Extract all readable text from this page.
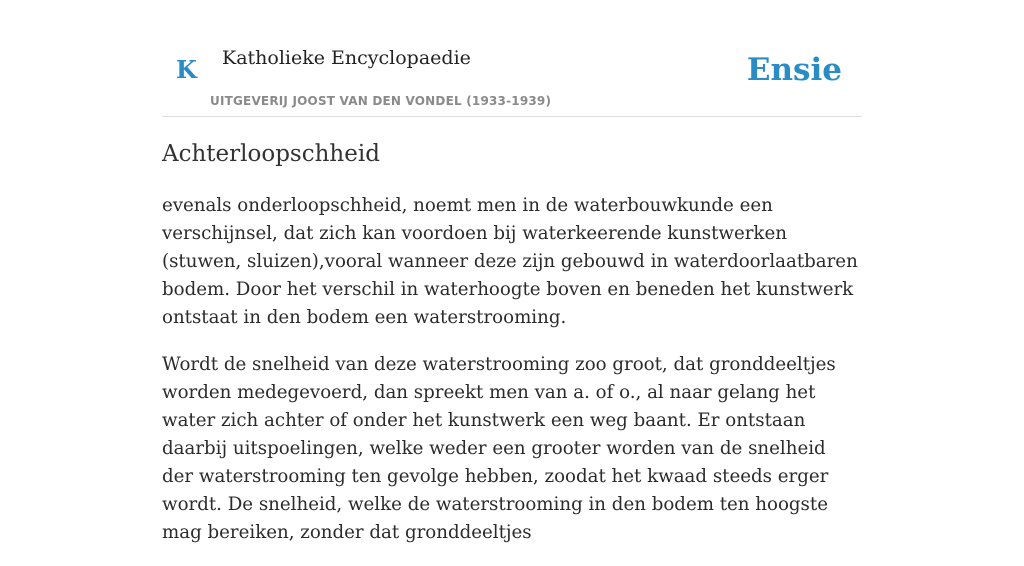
K Katholieke Encyclopaedie
UITGEVERIJ JOOST VAN DEN VONDEL (1933-1939)
Ensie
Achterloopschheid

evenals onderloopschheid, noemt men in de waterbouwkunde een verschijnsel, dat zich kan voordoen bij waterkeerende kunstwerken (stuwen, sluizen),vooral wanneer deze zijn gebouwd in waterdoorlaatbaren bodem. Door het verschil in waterhoogte boven en beneden het kunstwerk ontstaat in den bodem een waterstrooming.

Wordt de snelheid van deze waterstrooming zoo groot, dat gronddeeltjes worden medegevoerd, dan spreekt men van a. of o., al naar gelang het water zich achter of onder het kunstwerk een weg baant. Er ontstaan daarbij uitspoelingen, welke weder een grooter worden van de snelheid der waterstrooming ten gevolge hebben, zoodat het kwaad steeds erger wordt. De snelheid, welke de waterstrooming in den bodem ten hoogste mag bereiken, zonder dat gronddeeltjes
